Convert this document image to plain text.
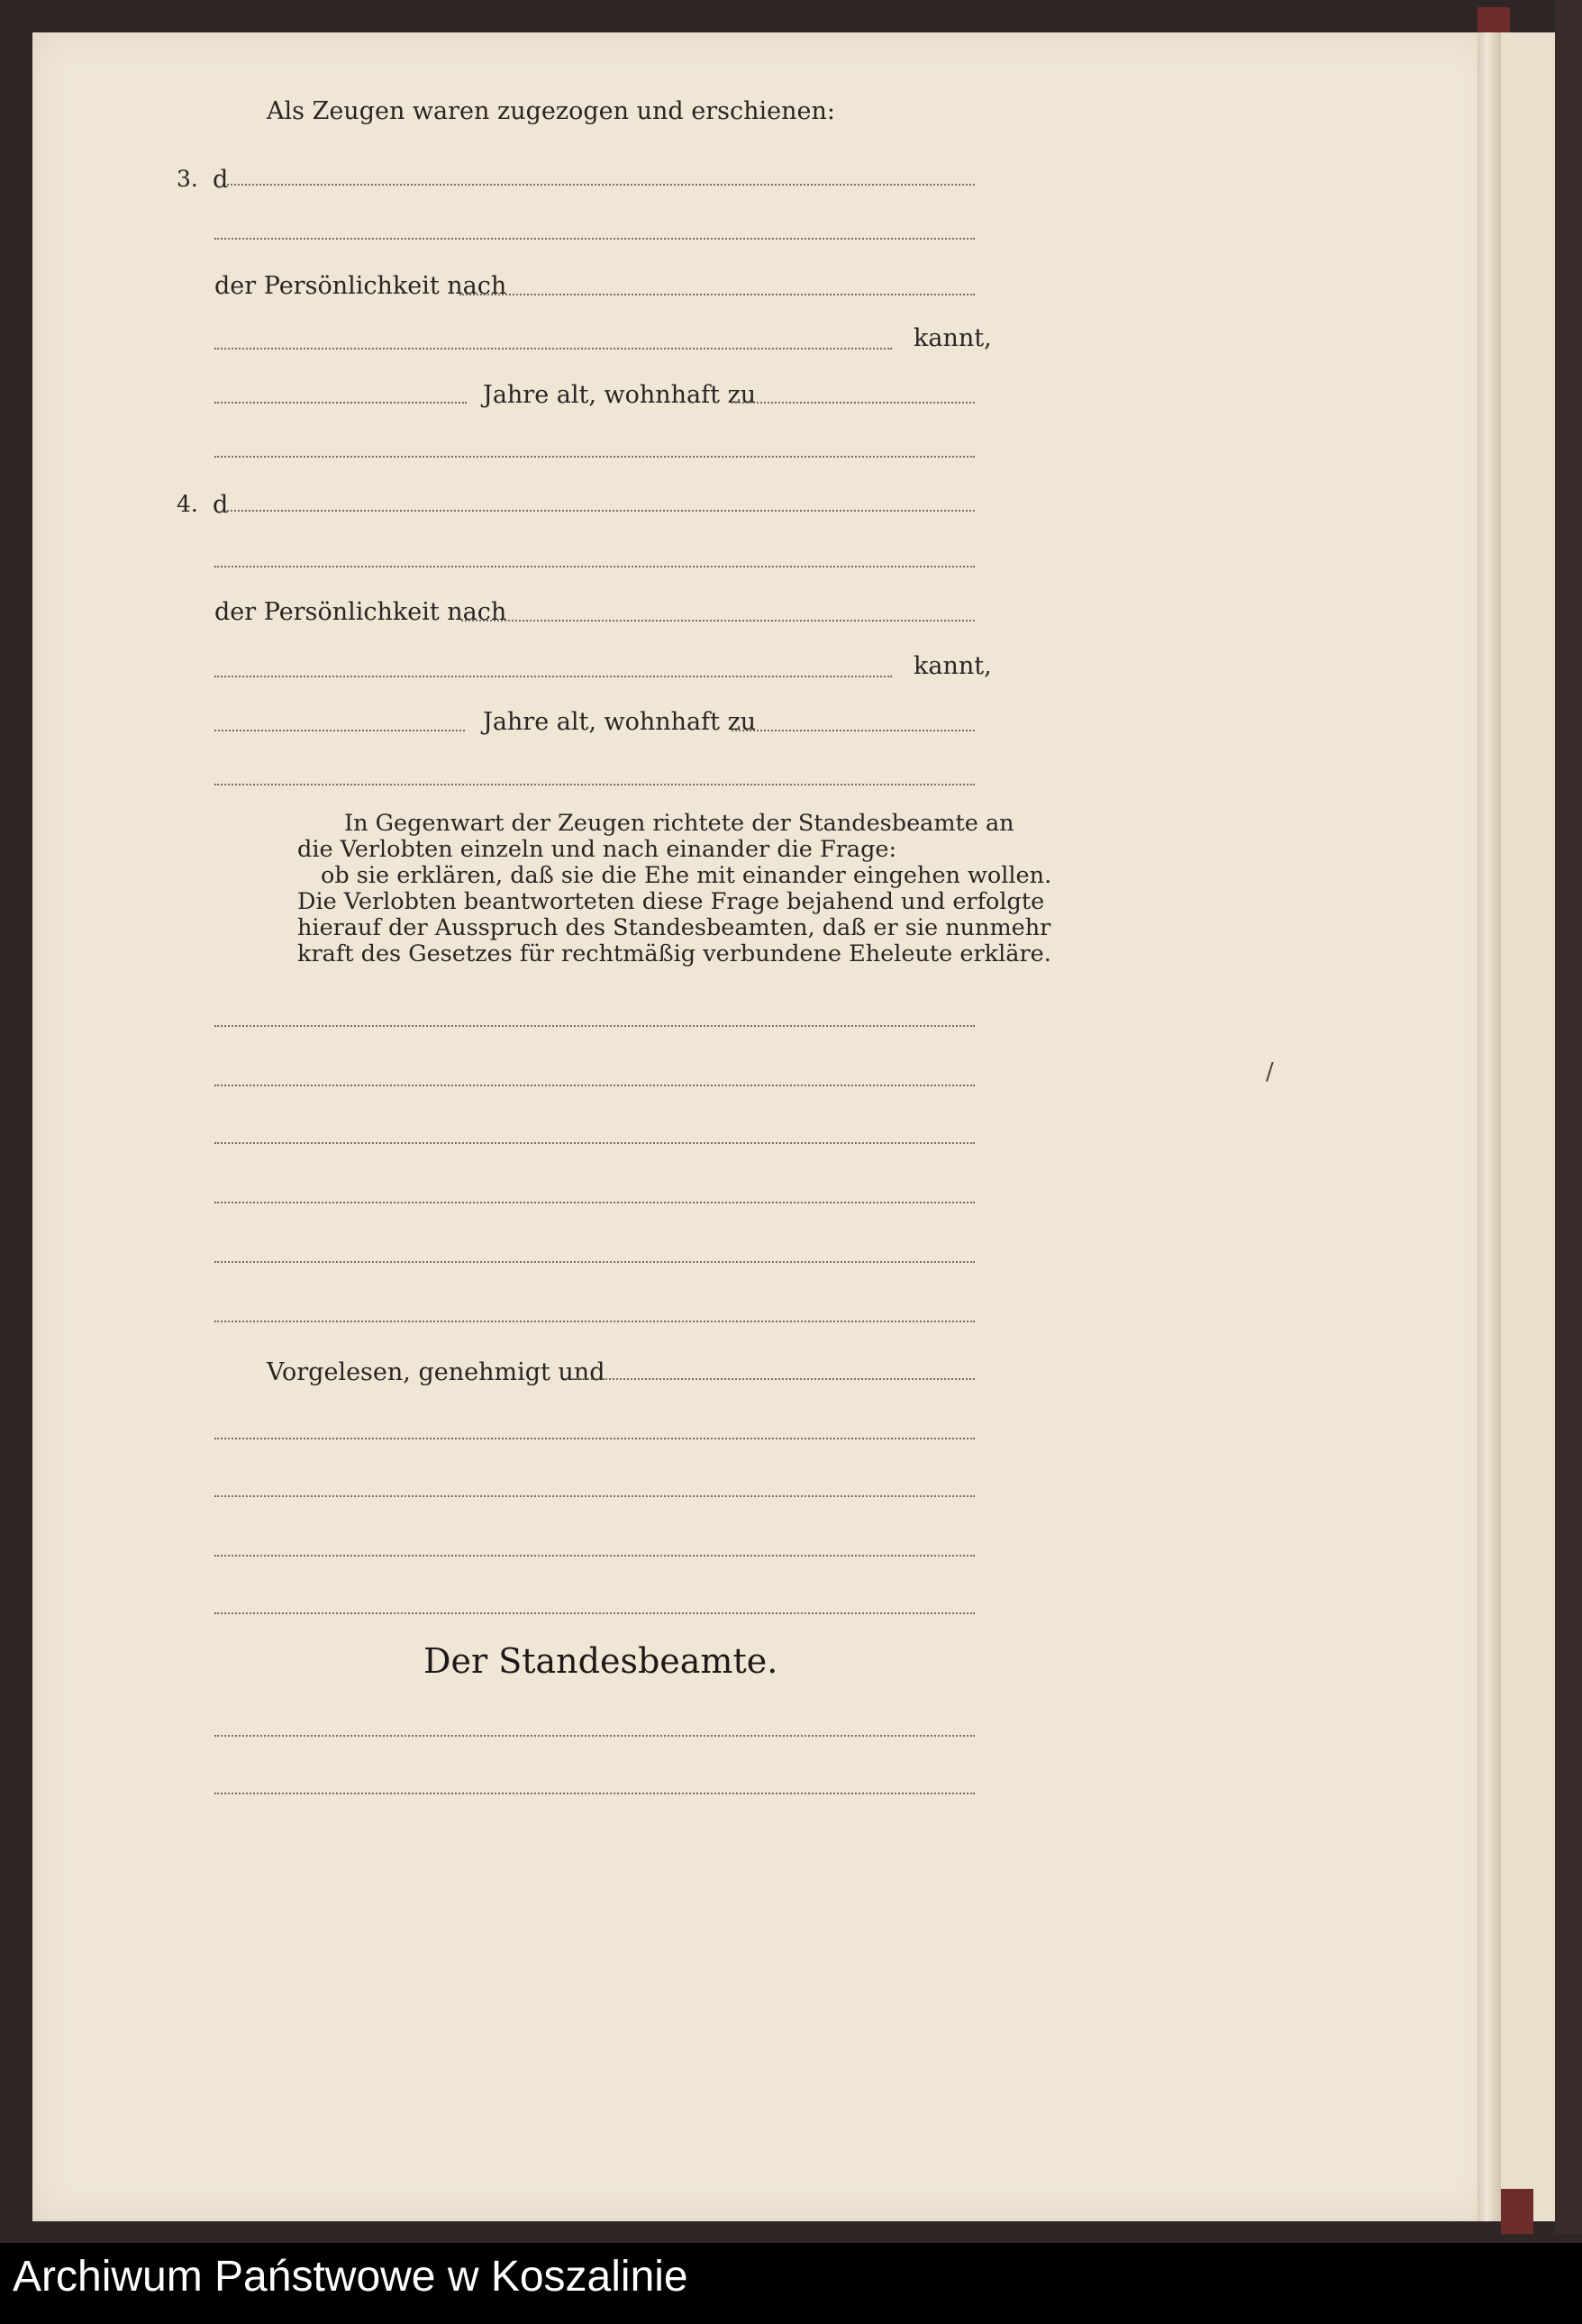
Als Zeugen waren zugezogen und erschienen:
3. d
der Persönlichkeit nach
kannt,
Jahre alt, wohnhaft zu
4. d
der Persönlichkeit nach
kannt,
Jahre alt, wohnhaft zu
In Gegenwart der Zeugen richtete der Standesbeamte an
die Verlobten einzeln und nach einander die Frage:
ob sie erklären, daß sie die Ehe mit einander eingehen wollen.
Die Verlobten beantworteten diese Frage bejahend und erfolgte
hierauf der Ausspruch des Standesbeamten, daß er sie nunmehr
kraft des Gesetzes für rechtmäßig verbundene Eheleute erkläre.
Vorgelesen, genehmigt und
Der Standesbeamte.
/
Archiwum Państwowe w Koszalinie
